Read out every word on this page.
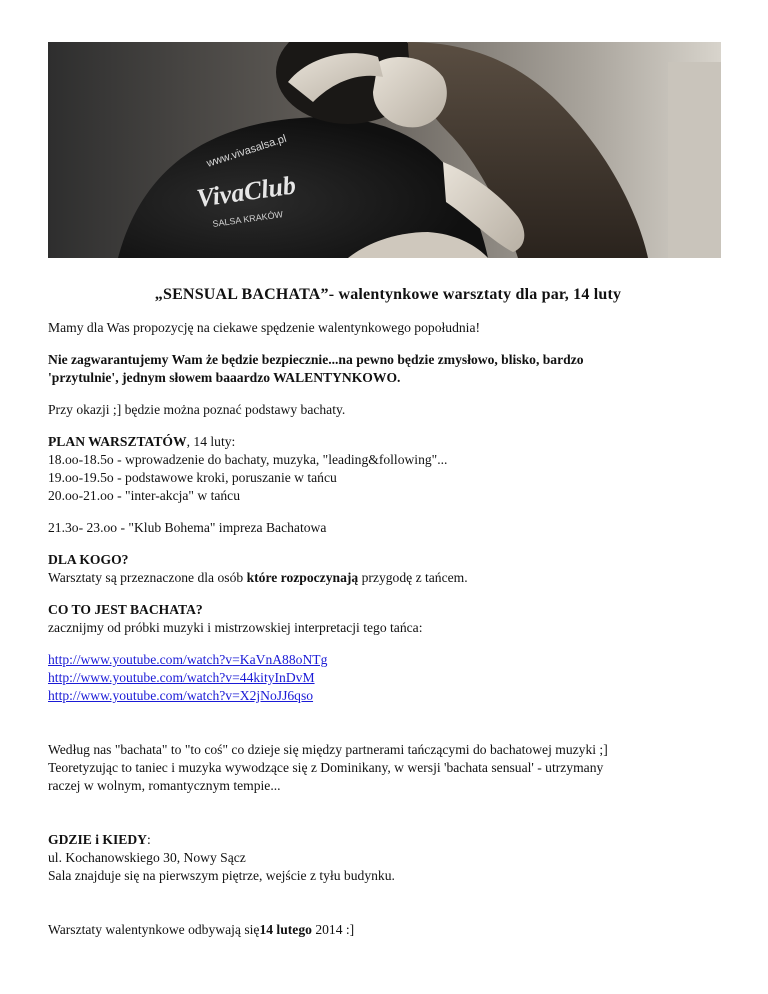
www.vivasalsa.pl
VivaClub
SALSA KRAKÓW
„SENSUAL BACHATA”- walentynkowe warsztaty dla par, 14 luty

Mamy dla Was propozycję na ciekawe spędzenie walentynkowego popołudnia!

Nie zagwarantujemy Wam że będzie bezpiecznie...na pewno będzie zmysłowo, blisko, bardzo
'przytulnie', jednym słowem baaardzo WALENTYNKOWO.

Przy okazji ;] będzie można poznać podstawy bachaty.

PLAN WARSZTATÓW, 14 luty:
18.oo-18.5o - wprowadzenie do bachaty, muzyka, "leading&following"...
19.oo-19.5o - podstawowe kroki, poruszanie w tańcu
20.oo-21.oo - "inter-akcja" w tańcu

21.3o- 23.oo - "Klub Bohema" impreza Bachatowa

DLA KOGO?
Warsztaty są przeznaczone dla osób które rozpoczynają przygodę z tańcem.

CO TO JEST BACHATA?
zacznijmy od próbki muzyki i mistrzowskiej interpretacji tego tańca:

http://www.youtube.com/watch?v=KaVnA88oNTg
http://www.youtube.com/watch?v=44kityInDvM
http://www.youtube.com/watch?v=X2jNoJJ6qso

Według nas "bachata" to "to coś" co dzieje się między partnerami tańczącymi do bachatowej muzyki ;]
Teoretyzując to taniec i muzyka wywodzące się z Dominikany, w wersji 'bachata sensual' - utrzymany
raczej w wolnym, romantycznym tempie...

GDZIE i KIEDY:
ul. Kochanowskiego 30, Nowy Sącz
Sala znajduje się na pierwszym piętrze, wejście z tyłu budynku.

Warsztaty walentynkowe odbywają się14 lutego 2014 :]
